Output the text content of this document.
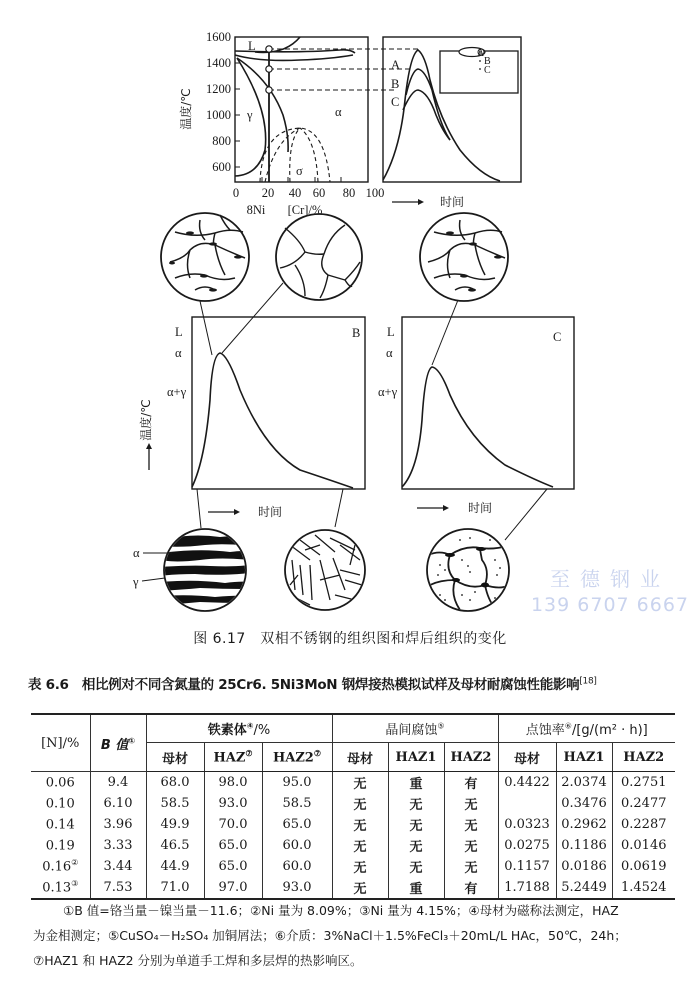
1600
1400
1200
1000
800
600
温度/℃
0 20 40 60 80 100
8Ni [Cr]/%
L
γ	α
σ
A
B
C
A
B
C
时间
B
L
α
α+γ
温度/℃
时间
α
γ
C
L
α
α+γ
时间
图 6.17　双相不锈钢的组织图和焊后组织的变化
至德钢业
139 6707 6667
表 6.6　相比例对不同含氮量的 25Cr6. 5Ni3MoN 钢焊接热模拟试样及母材耐腐蚀性能影响[18]
[N]/%	B 值①	铁素体④/%			晶间腐蚀⑤			点蚀率⑥/[g/(m² · h)]		
		母材	HAZ⑦	HAZ2⑦	母材	HAZ1	HAZ2	母材	HAZ1	HAZ2
0.06	9.4	68.0	98.0	95.0	无	重	有	0.4422	2.0374	0.2751
0.10	6.10	58.5	93.0	58.5	无	无	无		0.3476	0.2477
0.14	3.96	49.9	70.0	65.0	无	无	无	0.0323	0.2962	0.2287
0.19	3.33	46.5	65.0	60.0	无	无	无	0.0275	0.1186	0.0146
0.16②	3.44	44.9	65.0	60.0	无	无	无	0.1157	0.0186	0.0619
0.13③	7.53	71.0	97.0	93.0	无	重	有	1.7188	5.2449	1.4524

①B 值=铬当量－镍当量－11.6；②Ni 量为 8.09%；③Ni 量为 4.15%；④母材为磁称法测定，HAZ

为金相测定；⑤CuSO₄－H₂SO₄ 加铜屑法；⑥介质：3%NaCl＋1.5%FeCl₃＋20mL/L HAc，50℃，24h；

⑦HAZ1 和 HAZ2 分别为单道手工焊和多层焊的热影响区。
